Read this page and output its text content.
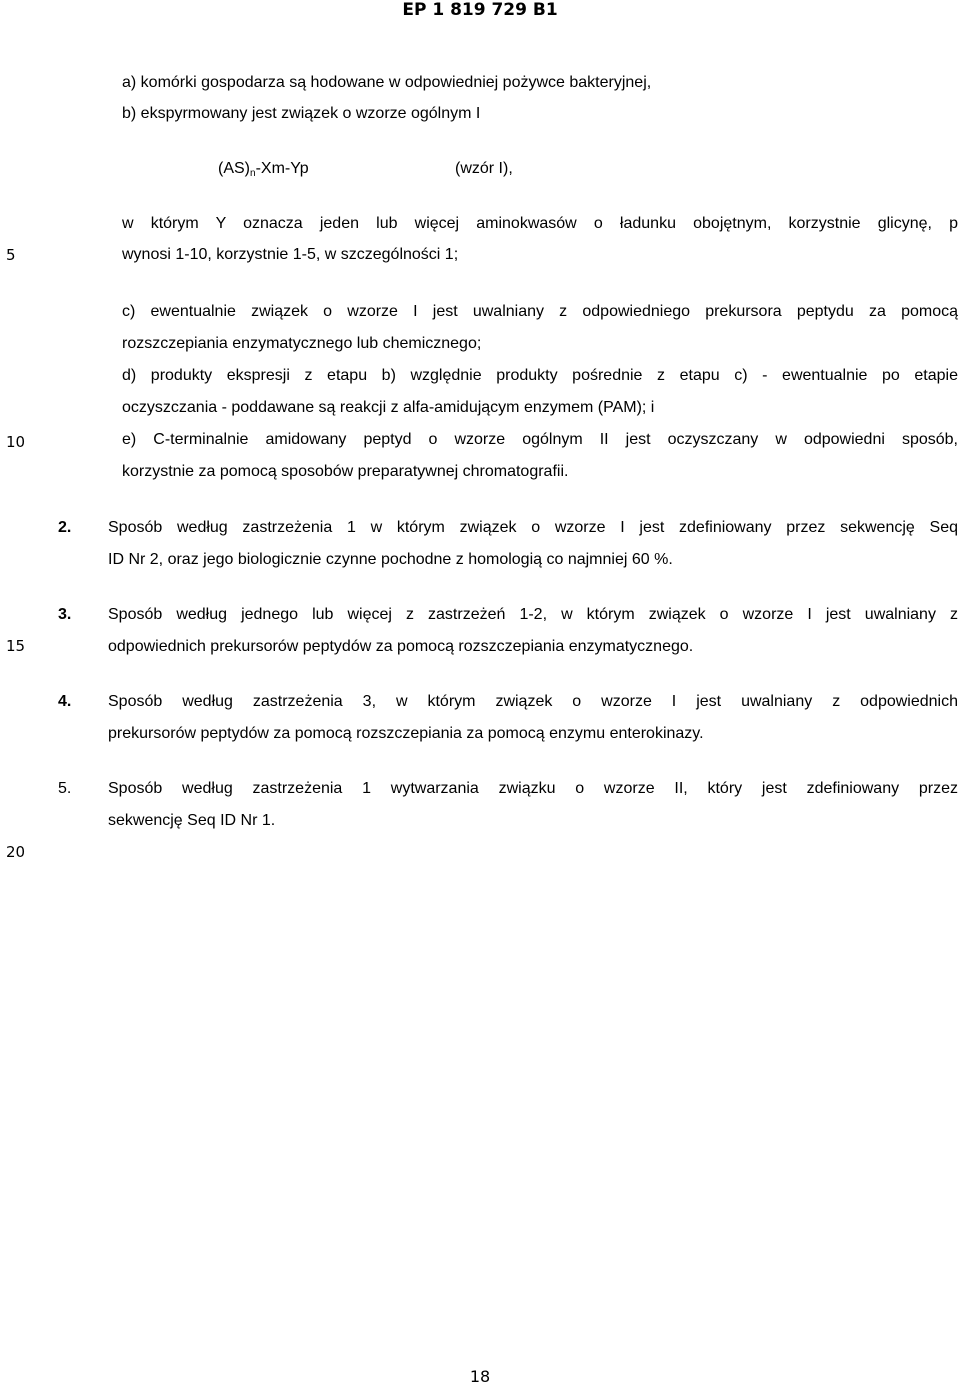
EP 1 819 729 B1
5
10
15
20
a) komórki gospodarza są hodowane w odpowiedniej pożywce bakteryjnej,
b) ekspyrmowany jest związek o wzorze ogólnym I
$(AS)_n-Xm-Yp$	(wzór I),
w którym Y oznacza jeden lub więcej aminokwasów o ładunku obojętnym, korzystnie glicynę, p
wynosi 1-10, korzystnie 1-5, w szczególności 1;
c) ewentualnie związek o wzorze I jest uwalniany z odpowiedniego prekursora peptydu za pomocą
rozszczepiania enzymatycznego lub chemicznego;
d) produkty ekspresji z etapu b) względnie produkty pośrednie z etapu c) - ewentualnie po etapie
oczyszczania - poddawane są reakcji z alfa-amidującym enzymem (PAM); i
e) C-terminalnie amidowany peptyd o wzorze ogólnym II jest oczyszczany w odpowiedni sposób,
korzystnie za pomocą sposobów preparatywnej chromatografii.
2. Sposób według zastrzeżenia 1 w którym związek o wzorze I jest zdefiniowany przez sekwencję Seq
ID Nr 2, oraz jego biologicznie czynne pochodne z homologią co najmniej 60 %.
3. Sposób według jednego lub więcej z zastrzeżeń 1-2, w którym związek o wzorze I jest uwalniany z
odpowiednich prekursorów peptydów za pomocą rozszczepiania enzymatycznego.
4. Sposób według zastrzeżenia 3, w którym związek o wzorze I jest uwalniany z odpowiednich
prekursorów peptydów za pomocą rozszczepiania za pomocą enzymu enterokinazy.
5. Sposób według zastrzeżenia 1 wytwarzania związku o wzorze II, który jest zdefiniowany przez
sekwencję Seq ID Nr 1.
18
